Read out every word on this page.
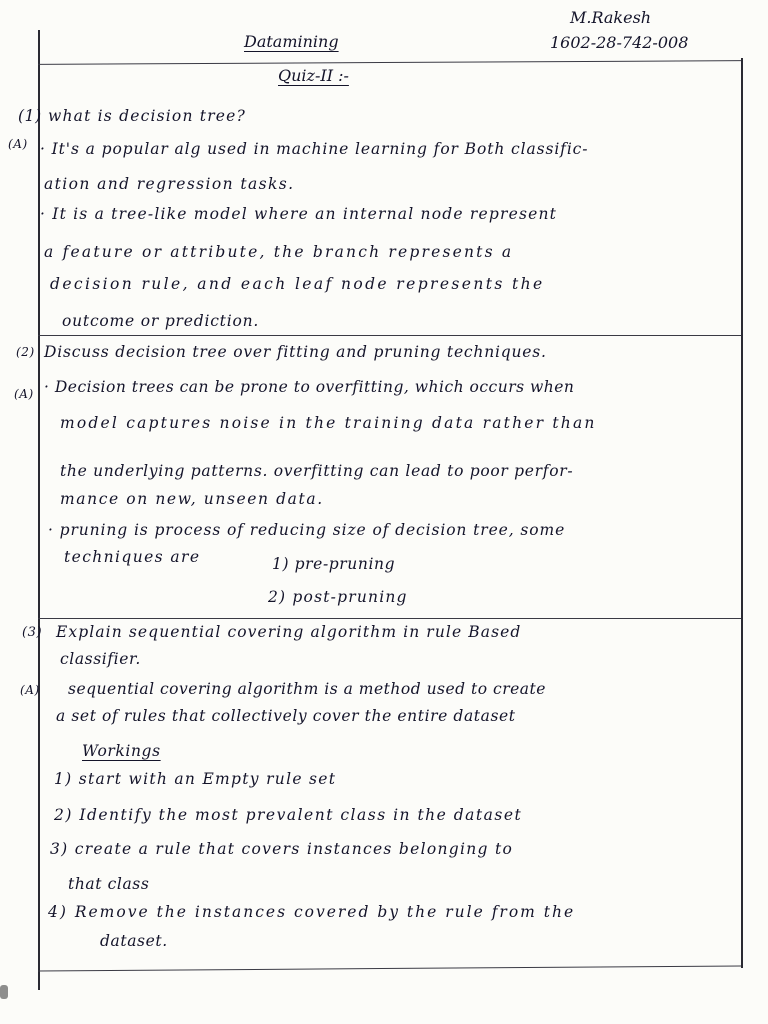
Datamining
Quiz-II :-
M.Rakesh
1602-28-742-008
(1) what is decision tree?
(A) · It's a popular alg used in machine learning for Both classific-
ation and regression tasks.
· It is a tree-like model where an internal node represent
a feature or attribute, the branch represents a
decision rule, and each leaf node represents the
outcome or prediction.
(2) Discuss decision tree over fitting and pruning techniques.
(A) · Decision trees can be prone to overfitting, which occurs when
model captures noise in the training data rather than
the underlying patterns. overfitting can lead to poor perfor-
mance on new, unseen data.
· pruning is process of reducing size of decision tree, some
techniques are	1) pre-pruning
2) post-pruning
(3) Explain sequential covering algorithm in rule Based
classifier.
(A) sequential covering algorithm is a method used to create
a set of rules that collectively cover the entire dataset
Workings
1) start with an Empty rule set
2) Identify the most prevalent class in the dataset
3) create a rule that covers instances belonging to
that class
4) Remove the instances covered by the rule from the
dataset.
